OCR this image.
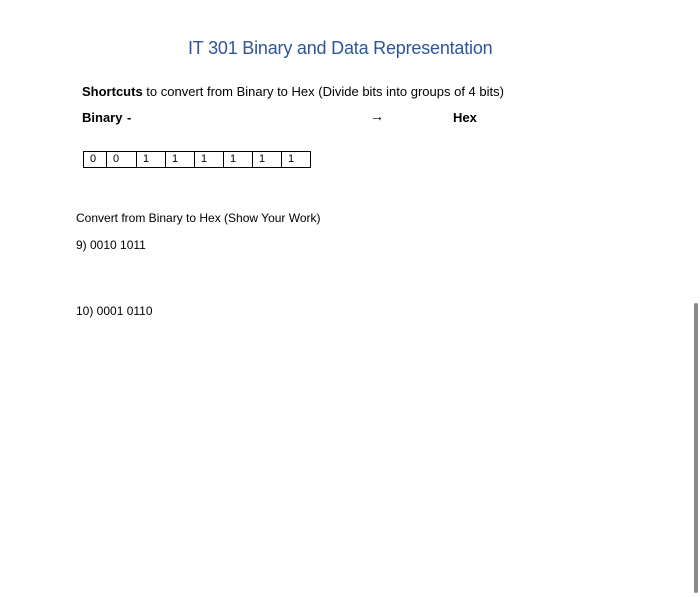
IT 301 Binary and Data Representation
Shortcuts to convert from Binary to Hex (Divide bits into groups of 4 bits)
Binary -	→	Hex
0	0	1	1	1	1	1	1
Convert from Binary to Hex (Show Your Work)
9) 0010 1011
10) 0001 0110
